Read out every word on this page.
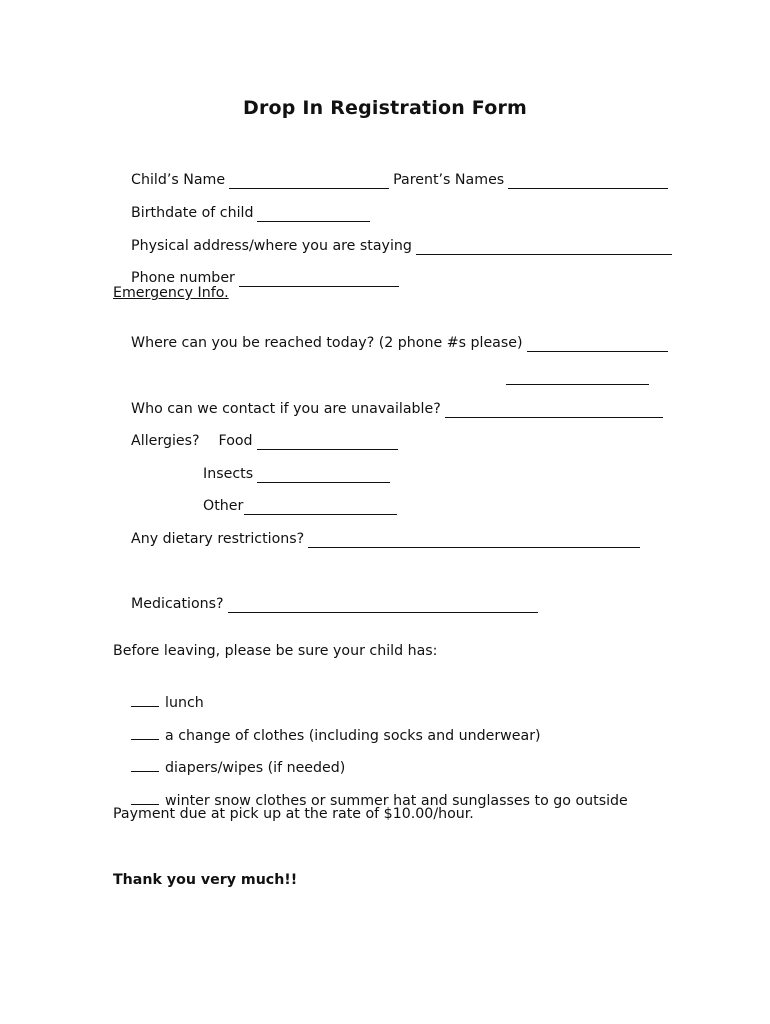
Drop In Registration Form

Child’s Name	Parent’s Names

Birthdate of child

Physical address/where you are staying

Phone number

Emergency Info.

Where can you be reached today? (2 phone #s please)

Who can we contact if you are unavailable?

Allergies? Food

Insects

Other

Any dietary restrictions?

Medications?

Before leaving, please be sure your child has:

lunch

a change of clothes (including socks and underwear)

diapers/wipes (if needed)

winter snow clothes or summer hat and sunglasses to go outside

Payment due at pick up at the rate of $10.00/hour.
Thank you very much!!
